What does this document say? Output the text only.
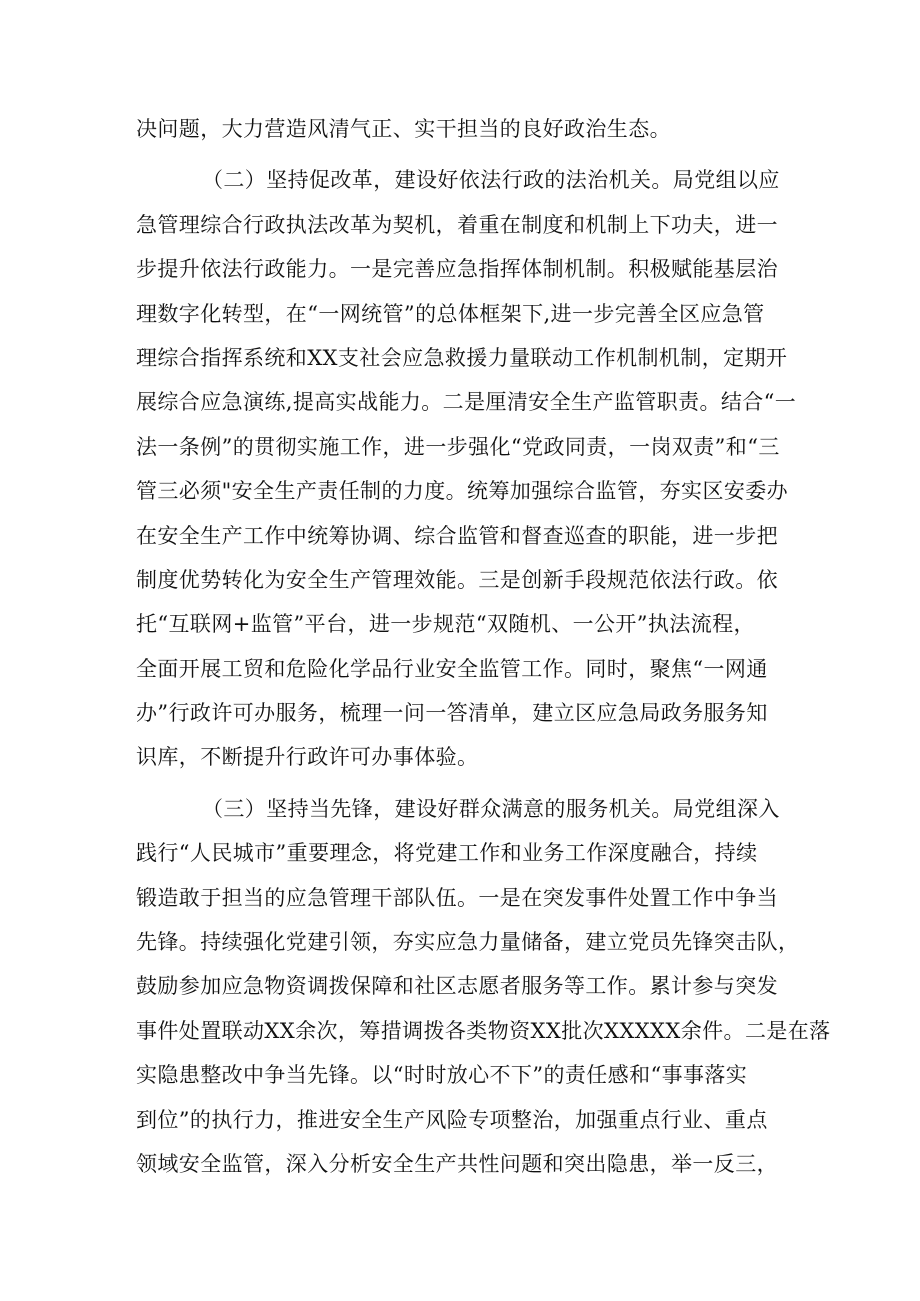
决问题，大力营造风清气正、实干担当的良好政治生态。
（二）坚持促改革，建设好依法行政的法治机关。局党组以应
急管理综合行政执法改革为契机，着重在制度和机制上下功夫，进一
步提升依法行政能力。一是完善应急指挥体制机制。积极赋能基层治
理数字化转型，在“一网统管”的总体框架下,进一步完善全区应急管
理综合指挥系统和XX支社会应急救援力量联动工作机制机制，定期开
展综合应急演练,提高实战能力。二是厘清安全生产监管职责。结合“一
法一条例”的贯彻实施工作，进一步强化“党政同责，一岗双责”和“三
管三必须"安全生产责任制的力度。统筹加强综合监管，夯实区安委办
在安全生产工作中统筹协调、综合监管和督查巡查的职能，进一步把
制度优势转化为安全生产管理效能。三是创新手段规范依法行政。依
托“互联网+监管”平台，进一步规范“双随机、一公开”执法流程，
全面开展工贸和危险化学品行业安全监管工作。同时，聚焦“一网通
办”行政许可办服务，梳理一问一答清单，建立区应急局政务服务知
识库，不断提升行政许可办事体验。
（三）坚持当先锋，建设好群众满意的服务机关。局党组深入
践行“人民城市”重要理念，将党建工作和业务工作深度融合，持续
锻造敢于担当的应急管理干部队伍。一是在突发事件处置工作中争当
先锋。持续强化党建引领，夯实应急力量储备，建立党员先锋突击队，
鼓励参加应急物资调拨保障和社区志愿者服务等工作。累计参与突发
事件处置联动XX余次，筹措调拨各类物资XX批次XXXXX余件。二是在落
实隐患整改中争当先锋。以“时时放心不下”的责任感和“事事落实
到位”的执行力，推进安全生产风险专项整治，加强重点行业、重点
领域安全监管，深入分析安全生产共性问题和突出隐患，举一反三，
